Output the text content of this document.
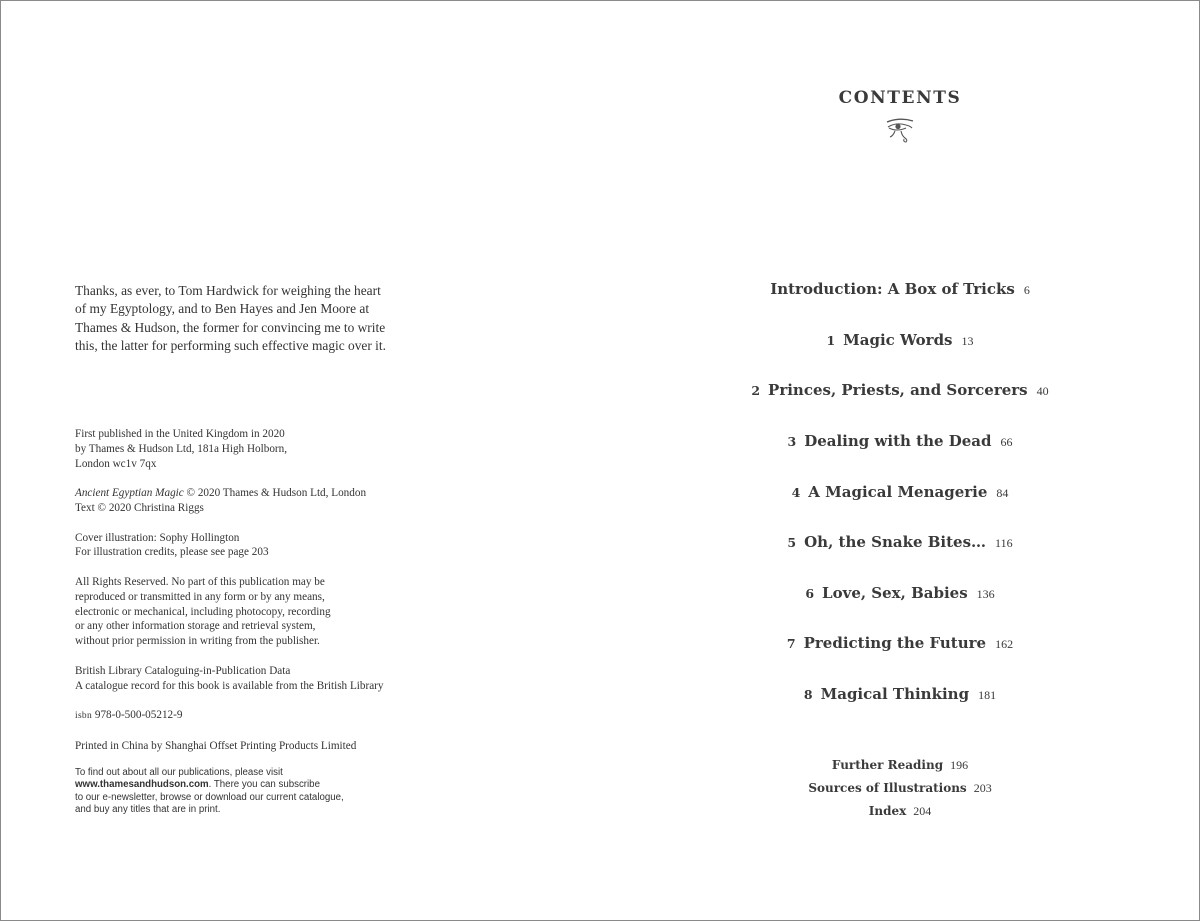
Thanks, as ever, to Tom Hardwick for weighing the heart
of my Egyptology, and to Ben Hayes and Jen Moore at
Thames & Hudson, the former for convincing me to write
this, the latter for performing such effective magic over it.
First published in the United Kingdom in 2020
by Thames & Hudson Ltd, 181a High Holborn,
London wc1v 7qx
Ancient Egyptian Magic © 2020 Thames & Hudson Ltd, London
Text © 2020 Christina Riggs
Cover illustration: Sophy Hollington
For illustration credits, please see page 203
All Rights Reserved. No part of this publication may be
reproduced or transmitted in any form or by any means,
electronic or mechanical, including photocopy, recording
or any other information storage and retrieval system,
without prior permission in writing from the publisher.
British Library Cataloguing-in-Publication Data
A catalogue record for this book is available from the British Library
isbn 978-0-500-05212-9
Printed in China by Shanghai Offset Printing Products Limited
To find out about all our publications, please visit
www.thamesandhudson.com. There you can subscribe
to our e-newsletter, browse or download our current catalogue,
and buy any titles that are in print.
CONTENTS
Introduction: A Box of Tricks 6
1 Magic Words 13
2 Princes, Priests, and Sorcerers 40
3 Dealing with the Dead 66
4 A Magical Menagerie 84
5 Oh, the Snake Bites… 116
6 Love, Sex, Babies 136
7 Predicting the Future 162
8 Magical Thinking 181
Further Reading 196
Sources of Illustrations 203
Index 204
